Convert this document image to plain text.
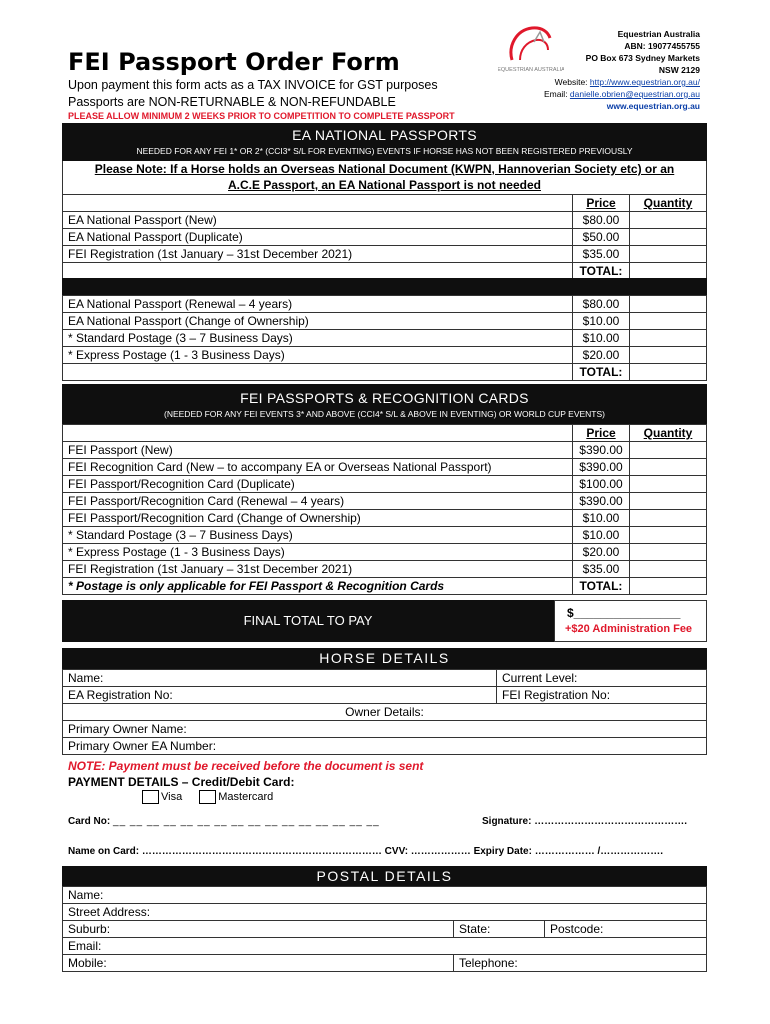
FEI Passport Order Form
Upon payment this form acts as a TAX INVOICE for GST purposes
Passports are NON-RETURNABLE & NON-REFUNDABLE
PLEASE ALLOW MINIMUM 2 WEEKS PRIOR TO COMPETITION TO COMPLETE PASSPORT
EQUESTRIAN AUSTRALIA
Equestrian Australia
ABN: 19077455755
PO Box 673 Sydney Markets
NSW 2129
Website: http://www.equestrian.org.au/
Email: danielle.obrien@equestrian.org.au
www.equestrian.org.au
EA NATIONAL PASSPORTS
NEEDED FOR ANY FEI 1* OR 2* (CCI3* S/L FOR EVENTING) EVENTS IF HORSE HAS NOT BEEN REGISTERED PREVIOUSLY
Please Note: If a Horse holds an Overseas National Document (KWPN, Hannoverian Society etc) or an
A.C.E Passport, an EA National Passport is not needed
	Price	Quantity
EA National Passport (New)	$80.00	
EA National Passport (Duplicate)	$50.00	
FEI Registration (1st January – 31st December 2021)	$35.00	
	TOTAL:	
EA National Passport (Renewal – 4 years)	$80.00	
EA National Passport (Change of Ownership)	$10.00	
* Standard Postage (3 – 7 Business Days)	$10.00	
* Express Postage (1 - 3 Business Days)	$20.00	
	TOTAL:	
FEI PASSPORTS & RECOGNITION CARDS
(NEEDED FOR ANY FEI EVENTS 3* AND ABOVE (CCI4* S/L & ABOVE IN EVENTING) OR WORLD CUP EVENTS)
	Price	Quantity
FEI Passport (New)	$390.00	
FEI Recognition Card (New – to accompany EA or Overseas National Passport)	$390.00	
FEI Passport/Recognition Card (Duplicate)	$100.00	
FEI Passport/Recognition Card (Renewal – 4 years)	$390.00	
FEI Passport/Recognition Card (Change of Ownership)	$10.00	
* Standard Postage (3 – 7 Business Days)	$10.00	
* Express Postage (1 - 3 Business Days)	$20.00	
FEI Registration (1st January – 31st December 2021)	$35.00	
* Postage is only applicable for FEI Passport & Recognition Cards	TOTAL:	
FINAL TOTAL TO PAY	$________________
+$20 Administration Fee
HORSE DETAILS
Name:	Current Level:
EA Registration No:	FEI Registration No:
Owner Details:
Primary Owner Name:
Primary Owner EA Number:
NOTE: Payment must be received before the document is sent
PAYMENT DETAILS – Credit/Debit Card:
Visa	Mastercard
Card No: __ __ __ __ __ __ __ __ __ __ __ __ __ __ __ __	Signature: ……………………………………….
Name on Card: ……………………………………………………………… CVV: ……………… Expiry Date: ……………… /……………….
POSTAL DETAILS
Name:		
Street Address:		
Suburb:	State:	Postcode:
Email:		
Mobile:	Telephone:	
